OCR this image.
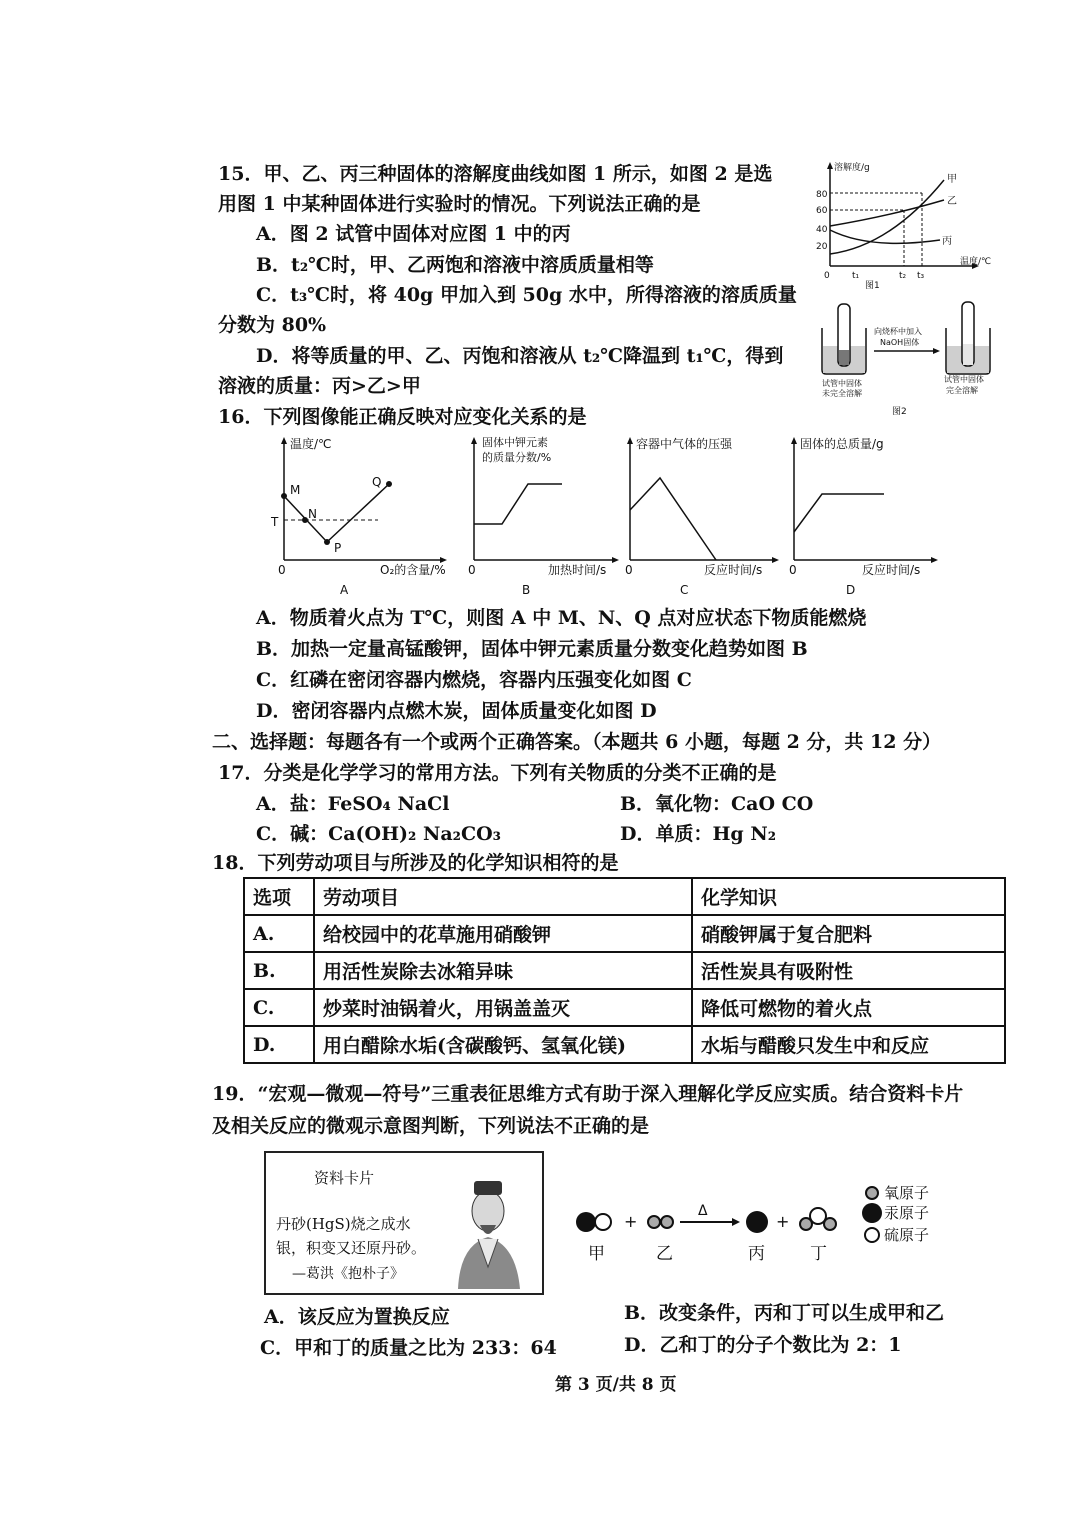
15．甲、乙、丙三种固体的溶解度曲线如图 1 所示，如图 2 是选
用图 1 中某种固体进行实验时的情况。下列说法正确的是
A．图 2 试管中固体对应图 1 中的丙
B．t₂℃时，甲、乙两饱和溶液中溶质质量相等
C．t₃℃时，将 40g 甲加入到 50g 水中，所得溶液的溶质质量
分数为 80%
D．将等质量的甲、乙、丙饱和溶液从 t₂℃降温到 t₁℃，得到
溶液的质量：丙>乙>甲
溶解度/g
温度/℃
80
60
40
20
0 t₁	t₂ t₃
甲
乙
丙
图1
向烧杯中加入
NaOH固体
试管中固体
未完全溶解
试管中固体
完全溶解
图2
16．下列图像能正确反映对应变化关系的是
温度/℃
O₂的含量/%
0
M
N
P
Q
T
A
固体中钾元素
的质量分数/%
加热时间/s
0
B
容器中气体的压强
反应时间/s
0
C
固体的总质量/g
反应时间/s
0
D
A．物质着火点为 T℃，则图 A 中 M、N、Q 点对应状态下物质能燃烧
B．加热一定量高锰酸钾，固体中钾元素质量分数变化趋势如图 B
C．红磷在密闭容器内燃烧，容器内压强变化如图 C
D．密闭容器内点燃木炭，固体质量变化如图 D
二、选择题：每题各有一个或两个正确答案。（本题共 6 小题，每题 2 分，共 12 分）
17．分类是化学学习的常用方法。下列有关物质的分类不正确的是
A．盐：FeSO₄ NaCl	B．氧化物：CaO CO
C．碱：Ca(OH)₂ Na₂CO₃	D．单质：Hg N₂
18．下列劳动项目与所涉及的化学知识相符的是
选项	劳动项目	化学知识
A.	给校园中的花草施用硝酸钾	硝酸钾属于复合肥料
B.	用活性炭除去冰箱异味	活性炭具有吸附性
C.	炒菜时油锅着火，用锅盖盖灭	降低可燃物的着火点
D.	用白醋除水垢(含碳酸钙、氢氧化镁)	水垢与醋酸只发生中和反应
19．“宏观—微观—符号”三重表征思维方式有助于深入理解化学反应实质。结合资料卡片
及相关反应的微观示意图判断，下列说法不正确的是
资料卡片
丹砂(HgS)烧之成水
银，积变又还原丹砂。
—葛洪《抱朴子》
+
Δ
+
甲	乙	丙	丁
氧原子
汞原子
硫原子
A．该反应为置换反应	B．改变条件，丙和丁可以生成甲和乙
C．甲和丁的质量之比为 233：64	D．乙和丁的分子个数比为 2：1
第 3 页/共 8 页
